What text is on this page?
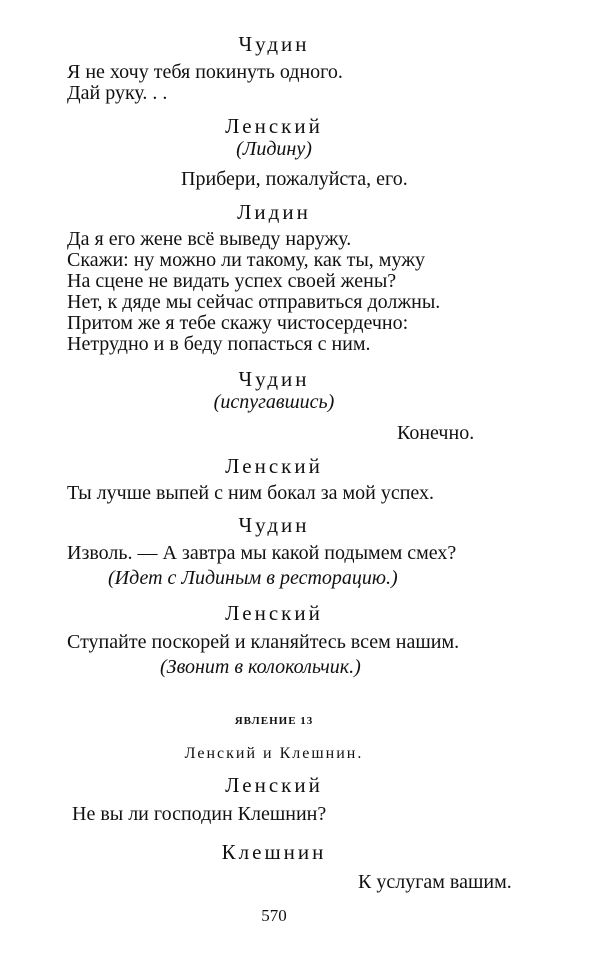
Чудин
Я не хочу тебя покинуть одного.
Дай руку. . .
Ленский
(Лидину)
Прибери, пожалуйста, его.
Лидин
Да я его жене всё выведу наружу.
Скажи: ну можно ли такому, как ты, мужу
На сцене не видать успех своей жены?
Нет, к дяде мы сейчас отправиться должны.
Притом же я тебе скажу чистосердечно:
Нетрудно и в беду попасться с ним.
Чудин
(испугавшись)
Конечно.
Ленский
Ты лучше выпей с ним бокал за мой успех.
Чудин
Изволь. — А завтра мы какой подымем смех?
(Идет с Лидиным в ресторацию.)
Ленский
Ступайте поскорей и кланяйтесь всем нашим.
(Звонит в колокольчик.)
ЯВЛЕНИЕ 13
Ленский и Клешнин.
Ленский
Не вы ли господин Клешнин?
Клешнин
К услугам вашим.
570
